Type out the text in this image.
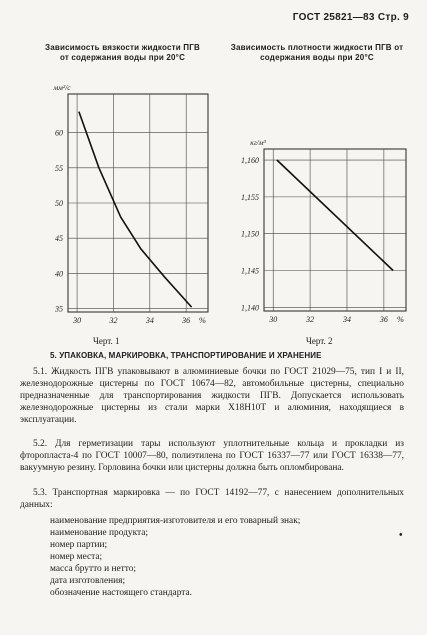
ГОСТ 25821—83 Стр. 9
Зависимость вязкости жидкости ПГВ от содержания воды при 20°С
30	32	34	36
35
40
45
50
55
60
мм²/с
%
Черт. 1
Зависимость плотности жидкости ПГВ от содержания воды при 20°С
30	32	34	36
1,140
1,145
1,150
1,155
1,160
кг/м³
%
Черт. 2
5. УПАКОВКА, МАРКИРОВКА, ТРАНСПОРТИРОВАНИЕ И ХРАНЕНИЕ

5.1. Жидкость ПГВ упаковывают в алюминиевые бочки по ГОСТ 21029—75, тип I и II, железнодорожные цистерны по ГОСТ 10674—82, автомобильные цистерны, специально предназначенные для транспортирования жидкости ПГВ. Допускается использовать железнодорожные цистерны из стали марки Х18Н10Т и алюминия, находящиеся в эксплуатации.

5.2. Для герметизации тары используют уплотнительные кольца и прокладки из фторопласта-4 по ГОСТ 10007—80, полиэтилена по ГОСТ 16337—77 или ГОСТ 16338—77, вакуумную резину. Горловина бочки или цистерны должна быть опломбирована.

5.3. Транспортная маркировка — по ГОСТ 14192—77, с нанесением дополнительных данных:

наименование предприятия-изготовителя и его товарный знак;
наименование продукта;
номер партии;
номер места;
масса брутто и нетто;
дата изготовления;
обозначение настоящего стандарта.
•
